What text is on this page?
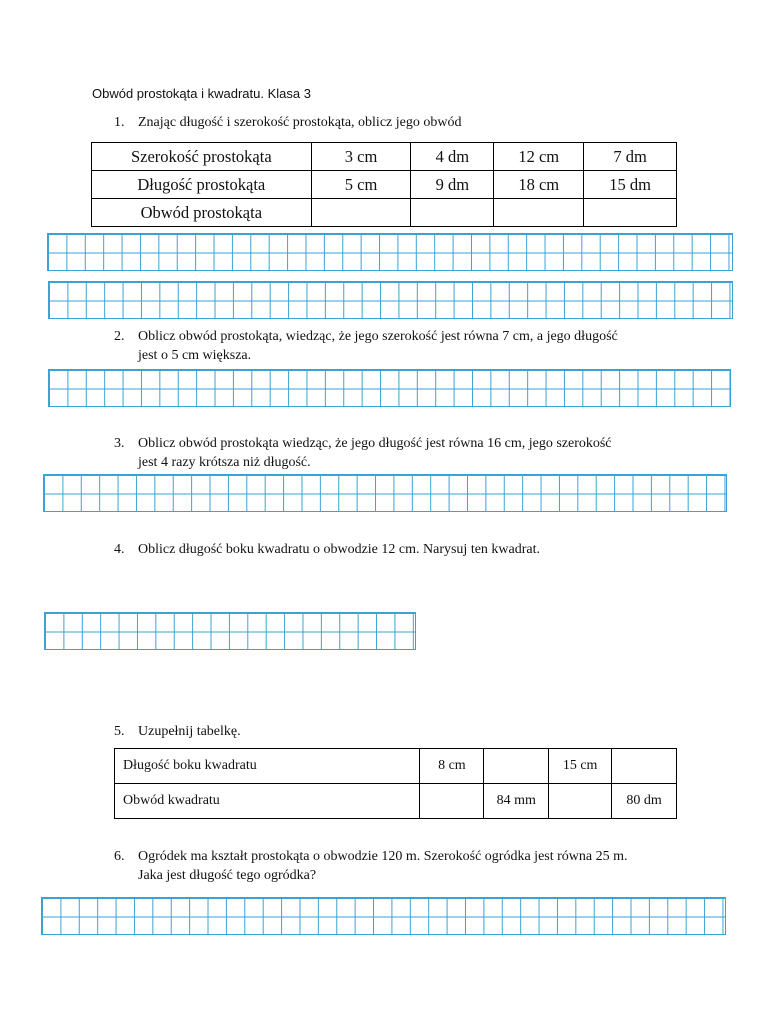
Obwód prostokąta i kwadratu. Klasa 3
1. Znając długość i szerokość prostokąta, oblicz jego obwód
Szerokość prostokąta	3 cm	4 dm	12 cm	7 dm
Długość prostokąta	5 cm	9 dm	18 cm	15 dm
Obwód prostokąta				
2. Oblicz obwód prostokąta, wiedząc, że jego szerokość jest równa 7 cm, a jego długość
jest o 5 cm większa.
3. Oblicz obwód prostokąta wiedząc, że jego długość jest równa 16 cm, jego szerokość
jest 4 razy krótsza niż długość.
4. Oblicz długość boku kwadratu o obwodzie 12 cm. Narysuj ten kwadrat.
5. Uzupełnij tabelkę.
Długość boku kwadratu	8 cm		15 cm	
Obwód kwadratu		84 mm		80 dm
6. Ogródek ma kształt prostokąta o obwodzie 120 m. Szerokość ogródka jest równa 25 m.
Jaka jest długość tego ogródka?
